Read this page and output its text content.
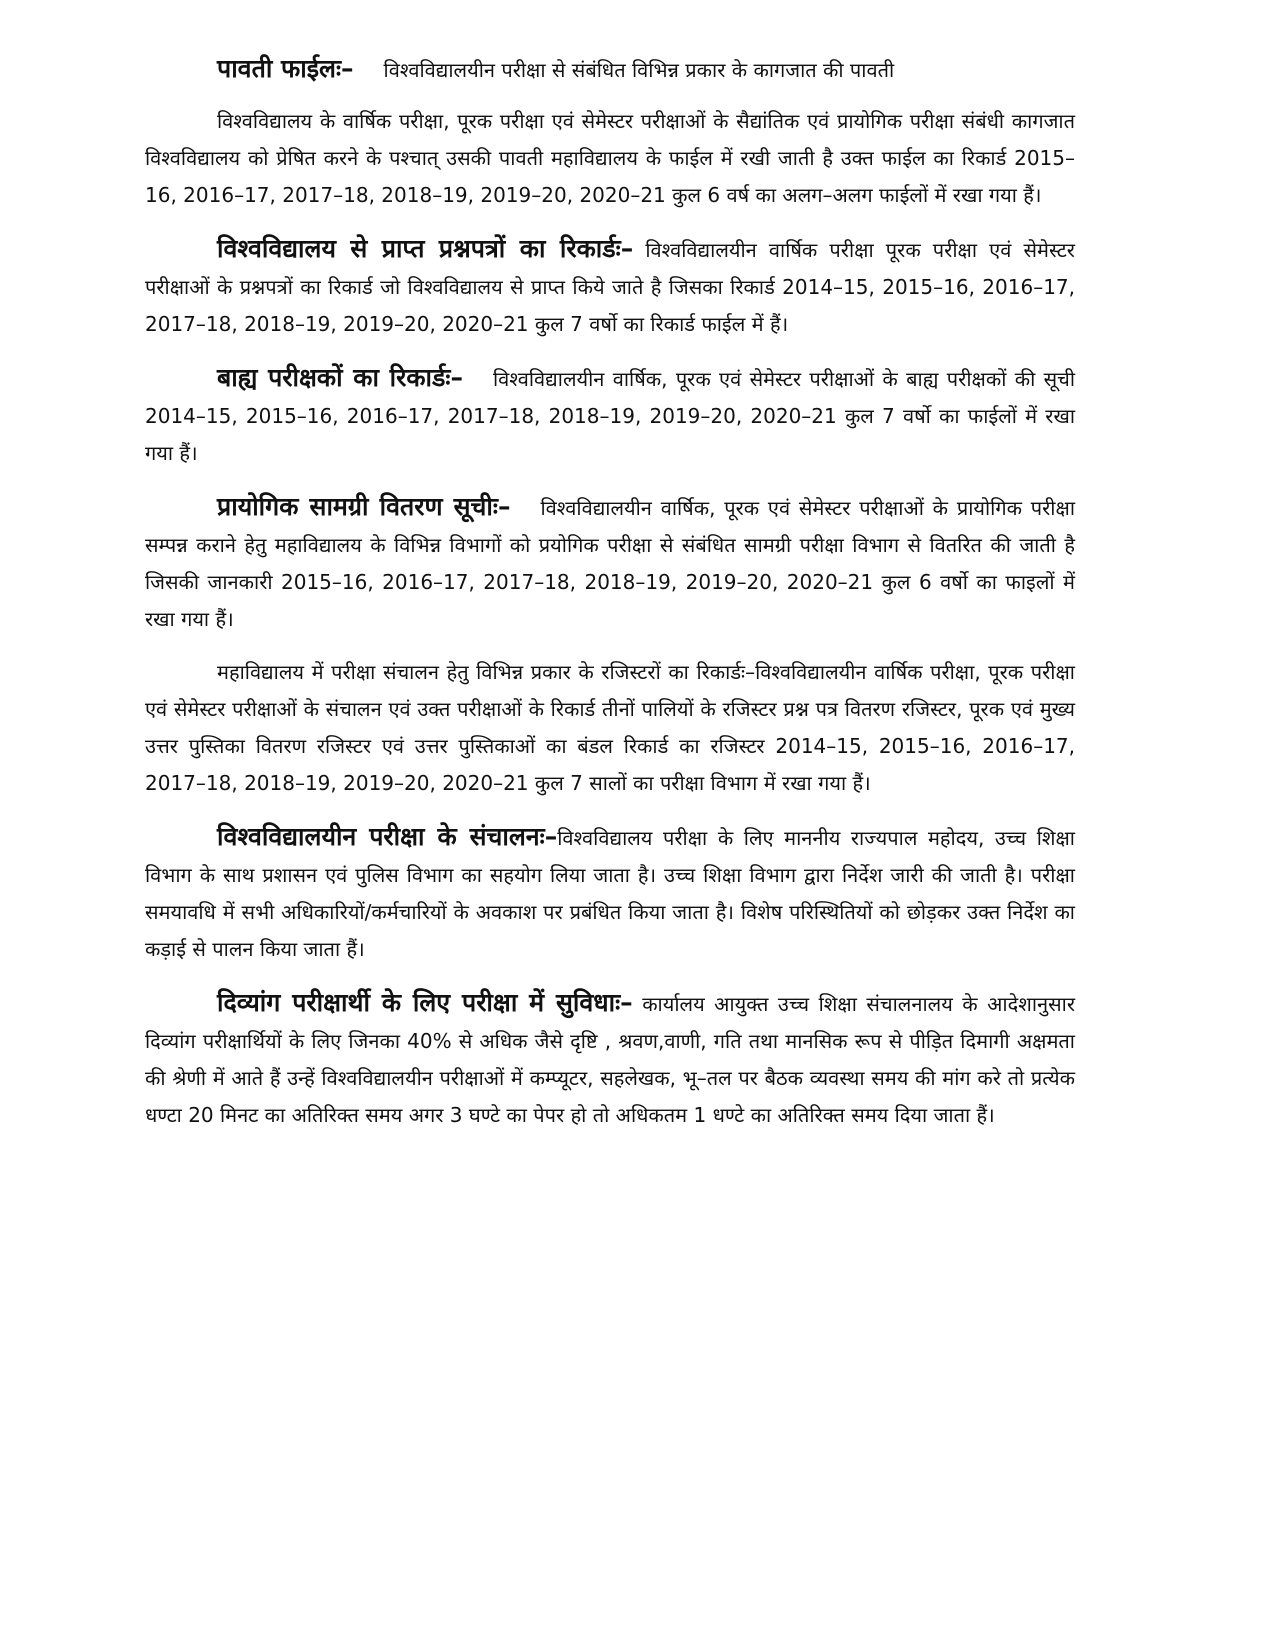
पावती फाईलः– विश्वविद्यालयीन परीक्षा से संबंधित विभिन्न प्रकार के कागजात की पावती

विश्वविद्यालय के वार्षिक परीक्षा, पूरक परीक्षा एवं सेमेस्टर परीक्षाओं के सैद्यांतिक एवं प्रायोगिक परीक्षा संबंधी कागजात विश्वविद्यालय को प्रेषित करने के पश्चात् उसकी पावती महाविद्यालय के फाईल में रखी जाती है उक्त फाईल का रिकार्ड 2015–16, 2016–17, 2017–18, 2018–19, 2019–20, 2020–21 कुल 6 वर्ष का अलग–अलग फाईलों में रखा गया हैं।

विश्वविद्यालय से प्राप्त प्रश्नपत्रों का रिकार्डः– विश्वविद्यालयीन वार्षिक परीक्षा पूरक परीक्षा एवं सेमेस्टर परीक्षाओं के प्रश्नपत्रों का रिकार्ड जो विश्वविद्यालय से प्राप्त किये जाते है जिसका रिकार्ड 2014–15, 2015–16, 2016–17, 2017–18, 2018–19, 2019–20, 2020–21 कुल 7 वर्षो का रिकार्ड फाईल में हैं।

बाह्य परीक्षकों का रिकार्डः– विश्वविद्यालयीन वार्षिक, पूरक एवं सेमेस्टर परीक्षाओं के बाह्य परीक्षकों की सूची 2014–15, 2015–16, 2016–17, 2017–18, 2018–19, 2019–20, 2020–21 कुल 7 वर्षो का फाईलों में रखा गया हैं।

प्रायोगिक सामग्री वितरण सूचीः– विश्वविद्यालयीन वार्षिक, पूरक एवं सेमेस्टर परीक्षाओं के प्रायोगिक परीक्षा सम्पन्न कराने हेतु महाविद्यालय के विभिन्न विभागों को प्रयोगिक परीक्षा से संबंधित सामग्री परीक्षा विभाग से वितरित की जाती है जिसकी जानकारी 2015–16, 2016–17, 2017–18, 2018–19, 2019–20, 2020–21 कुल 6 वर्षो का फाइलों में रखा गया हैं।

महाविद्यालय में परीक्षा संचालन हेतु विभिन्न प्रकार के रजिस्टरों का रिकार्डः–विश्वविद्यालयीन वार्षिक परीक्षा, पूरक परीक्षा एवं सेमेस्टर परीक्षाओं के संचालन एवं उक्त परीक्षाओं के रिकार्ड तीनों पालियों के रजिस्टर प्रश्न पत्र वितरण रजिस्टर, पूरक एवं मुख्य उत्तर पुस्तिका वितरण रजिस्टर एवं उत्तर पुस्तिकाओं का बंडल रिकार्ड का रजिस्टर 2014–15, 2015–16, 2016–17, 2017–18, 2018–19, 2019–20, 2020–21 कुल 7 सालों का परीक्षा विभाग में रखा गया हैं।

विश्वविद्यालयीन परीक्षा के संचालनः–विश्वविद्यालय परीक्षा के लिए माननीय राज्यपाल महोदय, उच्च शिक्षा विभाग के साथ प्रशासन एवं पुलिस विभाग का सहयोग लिया जाता है। उच्च शिक्षा विभाग द्वारा निर्देश जारी की जाती है। परीक्षा समयावधि में सभी अधिकारियों/कर्मचारियों के अवकाश पर प्रबंधित किया जाता है। विशेष परिस्थितियों को छोड़कर उक्त निर्देश का कड़ाई से पालन किया जाता हैं।

दिव्यांग परीक्षार्थी के लिए परीक्षा में सुविधाः– कार्यालय आयुक्त उच्च शिक्षा संचालनालय के आदेशानुसार दिव्यांग परीक्षार्थियों के लिए जिनका 40% से अधिक जैसे दृष्टि , श्रवण,वाणी, गति तथा मानसिक रूप से पीड़ित दिमागी अक्षमता की श्रेणी में आते हैं उन्हें विश्वविद्यालयीन परीक्षाओं में कम्प्यूटर, सहलेखक, भू–तल पर बैठक व्यवस्था समय की मांग करे तो प्रत्येक धण्टा 20 मिनट का अतिरिक्त समय अगर 3 घण्टे का पेपर हो तो अधिकतम 1 धण्टे का अतिरिक्त समय दिया जाता हैं।
